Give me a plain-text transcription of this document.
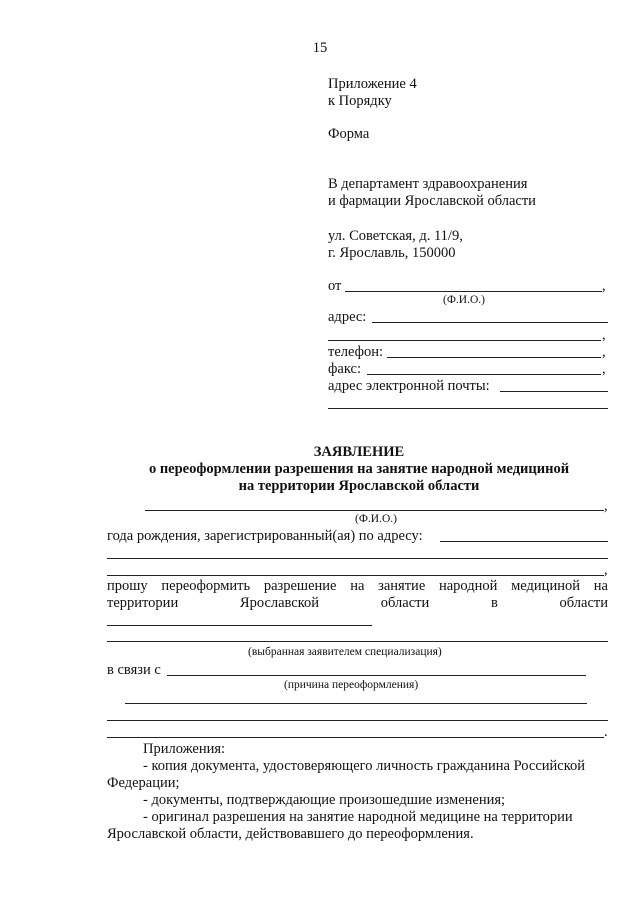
15
Приложение 4
к Порядку
Форма
В департамент здравоохранения
и фармации Ярославской области
ул. Советская, д. 11/9,
г. Ярославль, 150000
от	,
(Ф.И.О.)
адрес:
,
телефон:	,
факс:	,
адрес электронной почты:
ЗАЯВЛЕНИЕ
о переоформлении разрешения на занятие народной медициной
на территории Ярославской области
,
(Ф.И.О.)
года рождения, зарегистрированный(ая) по адресу:
,
прошу переоформить разрешение на занятие народной медициной на
территории	Ярославской	области	в	области
(выбранная заявителем специализация)
в связи с
(причина переоформления)
.
Приложения:
- копия документа, удостоверяющего личность гражданина Российской
Федерации;
- документы, подтверждающие произошедшие изменения;
- оригинал разрешения на занятие народной медицине на территории
Ярославской области, действовавшего до переоформления.
